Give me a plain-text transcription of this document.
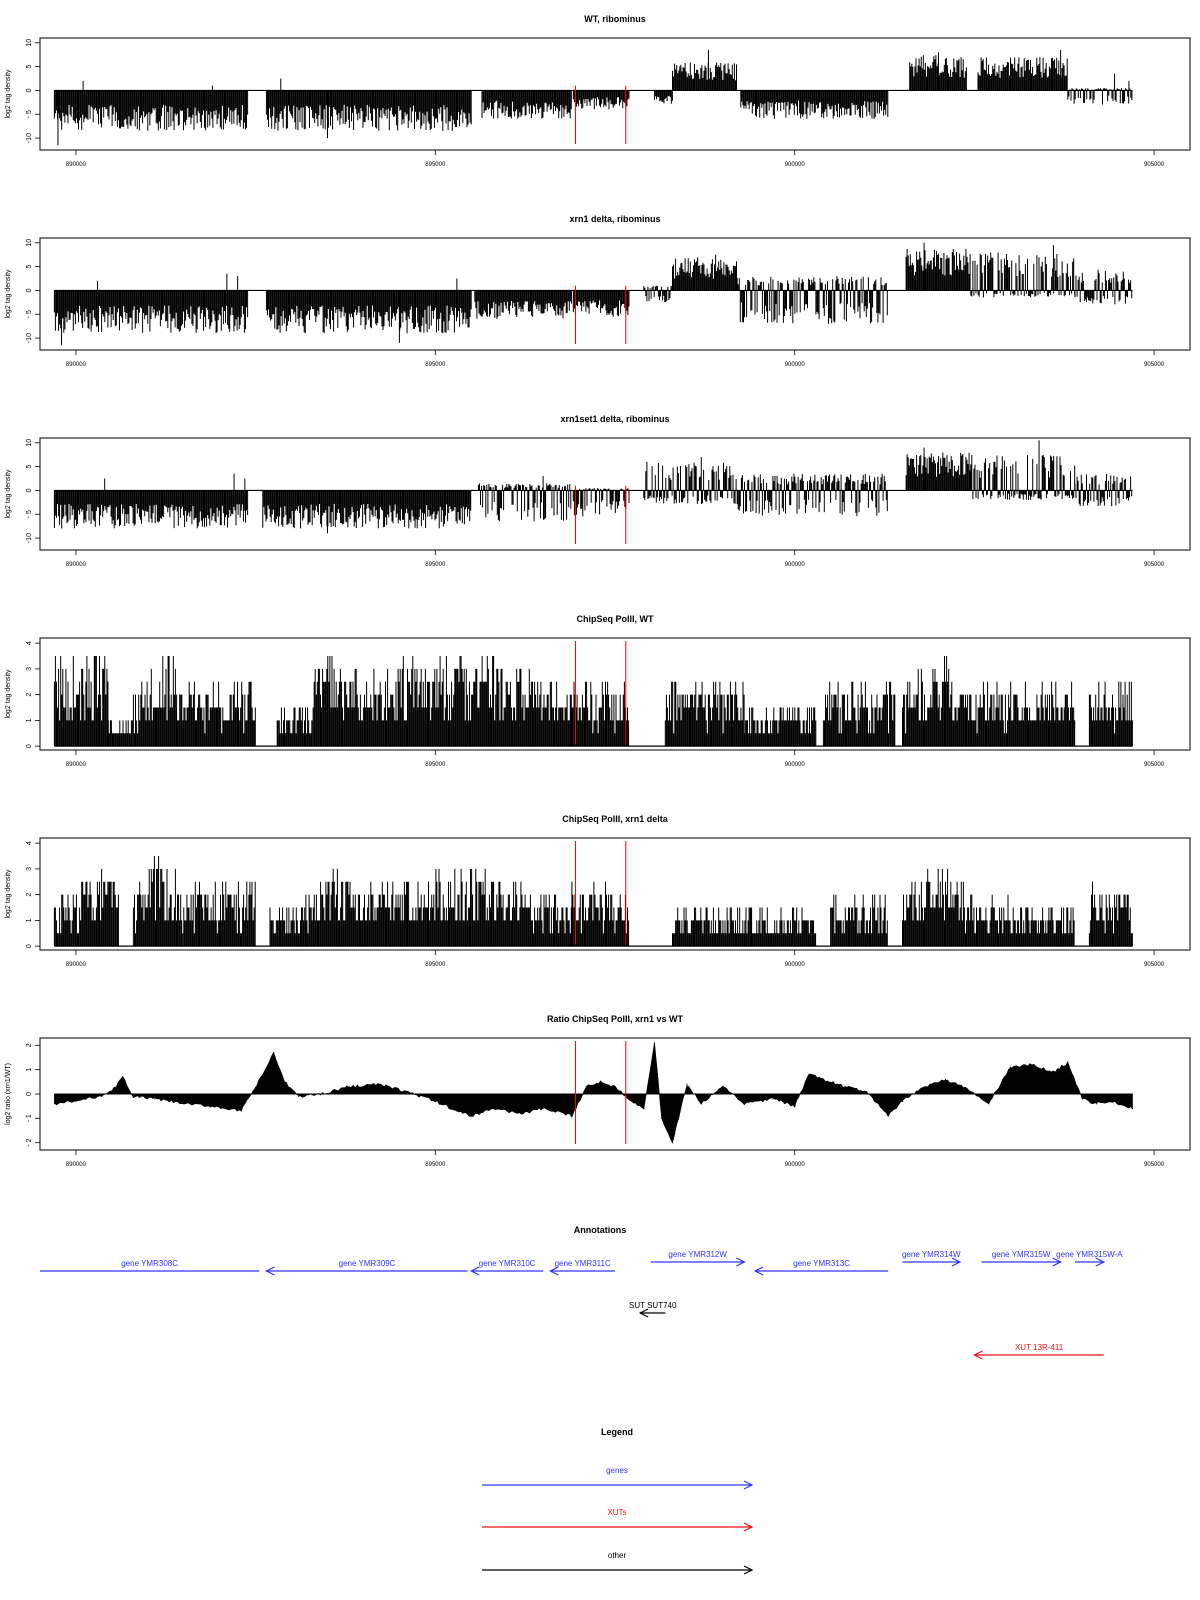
WT, ribominus
10
5
0
- 5
-10
log2 tag density
890000	895000	900000	905000
xrn1 delta, ribominus
10
5
0
- 5
-10
log2 tag density
890000	895000	900000	905000
xrn1set1 delta, ribominus
10
5
0
- 5
-10
log2 tag density
890000	895000	900000	905000
ChipSeq PolII, WT
0
1
2
3
4
log2 tag density
890000	895000	900000	905000
ChipSeq PolII, xrn1 delta
0
1
2
3
4
log2 tag density
890000	895000	900000	905000
Ratio ChipSeq PolII, xrn1 vs WT
- 2
- 1
0
1
2
log2 ratio (xrn1/WT)
890000	895000	900000	905000
Annotations
gene YMR308C	gene YMR309C	gene YMR310C gene YMR311C
gene YMR312W
gene YMR313C
gene YMR314W	gene YMR315W gene YMR315W-A
SUT SUT740
XUT 13R-411
Legend
genes
XUTs
other
